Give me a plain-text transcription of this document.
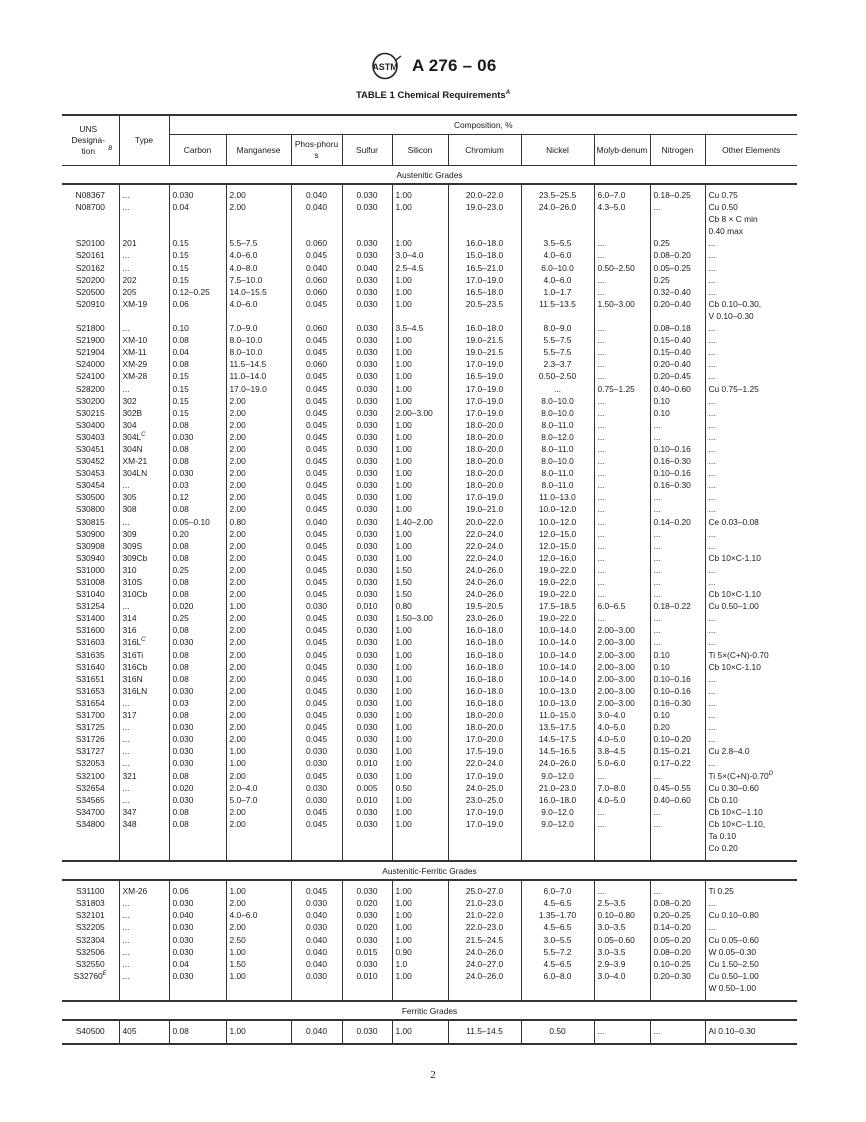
ASTM A 276 – 06
TABLE 1 Chemical Requirements$^A$
UNS Designa-tion $^B$	Type	Composition, %									
		Carbon	Manganese	Phos-phorus	Sulfur	Silicon	Chromium	Nickel	Molyb-denum	Nitrogen	Other Elements
Austenitic Grades											
N08367	...	0.030	2.00	0.040	0.030	1.00	20.0–22.0	23.5–25.5	6.0–7.0	0.18–0.25	Cu 0.75
N08700	...	0.04	2.00	0.040	0.030	1.00	19.0–23.0	24.0–26.0	4.3–5.0	...	Cu 0.50
Cb 8 × C min
0.40 max
S20100	201	0.15	5.5–7.5	0.060	0.030	1.00	16.0–18.0	3.5–5.5	...	0.25	...
S20161	...	0.15	4.0–6.0	0.045	0.030	3.0–4.0	15.0–18.0	4.0–6.0	...	0.08–0.20	...
S20162	...	0.15	4.0–8.0	0.040	0.040	2.5–4.5	16.5–21.0	6.0–10.0	0.50–2.50	0.05–0.25	...
S20200	202	0.15	7.5–10.0	0.060	0.030	1.00	17.0–19.0	4.0–6.0	...	0.25	...
S20500	205	0.12–0.25	14.0–15.5	0.060	0.030	1.00	16.5–18.0	1.0–1.7	...	0.32–0.40	...
S20910	XM-19	0.06	4.0–6.0	0.045	0.030	1.00	20.5–23.5	11.5–13.5	1.50–3.00	0.20–0.40	Cb 0.10–0.30,
V 0.10–0.30
S21800	...	0.10	7.0–9.0	0.060	0.030	3.5–4.5	16.0–18.0	8.0–9.0	...	0.08–0.18	...
S21900	XM-10	0.08	8.0–10.0	0.045	0.030	1.00	19.0–21.5	5.5–7.5	...	0.15–0.40	...
S21904	XM-11	0.04	8.0–10.0	0.045	0.030	1.00	19.0–21.5	5.5–7.5	...	0.15–0.40	...
S24000	XM-29	0.08	11.5–14.5	0.060	0.030	1.00	17.0–19.0	2.3–3.7	...	0.20–0.40	...
S24100	XM-28	0.15	11.0–14.0	0.045	0.030	1.00	16.5–19.0	0.50–2.50	...	0.20–0.45	...
S28200	...	0.15	17.0–19.0	0.045	0.030	1.00	17.0–19.0	...	0.75–1.25	0.40–0.60	Cu 0.75–1.25
S30200	302	0.15	2.00	0.045	0.030	1.00	17.0–19.0	8.0–10.0	...	0.10	...
S30215	302B	0.15	2.00	0.045	0.030	2.00–3.00	17.0–19.0	8.0–10.0	...	0.10	...
S30400	304	0.08	2.00	0.045	0.030	1.00	18.0–20.0	8.0–11.0	...	...	...
S30403	$304L^C$	0.030	2.00	0.045	0.030	1.00	18.0–20.0	8.0–12.0	...	...	...
S30451	304N	0.08	2.00	0.045	0.030	1.00	18.0–20.0	8.0–11.0	...	0.10–0.16	...
S30452	XM-21	0.08	2.00	0.045	0.030	1.00	18.0–20.0	8.0–10.0	...	0.16–0.30	...
S30453	304LN	0.030	2.00	0.045	0.030	1.00	18.0–20.0	8.0–11.0	...	0.10–0.16	...
S30454	...	0.03	2.00	0.045	0.030	1.00	18.0–20.0	8.0–11.0	...	0.16–0.30	...
S30500	305	0.12	2.00	0.045	0.030	1.00	17.0–19.0	11.0–13.0	...	...	...
S30800	308	0.08	2.00	0.045	0.030	1.00	19.0–21.0	10.0–12.0	...	...	...
S30815	...	0.05–0.10	0.80	0.040	0.030	1.40–2.00	20.0–22.0	10.0–12.0	...	0.14–0.20	Ce 0.03–0.08
S30900	309	0.20	2.00	0.045	0.030	1.00	22.0–24.0	12.0–15.0	...	...	...
S30908	309S	0.08	2.00	0.045	0.030	1.00	22.0–24.0	12.0–15.0	...	...	...
S30940	309Cb	0.08	2.00	0.045	0.030	1.00	22.0–24.0	12.0–16.0	...	...	Cb 10×C-1.10
S31000	310	0.25	2.00	0.045	0.030	1.50	24.0–26.0	19.0–22.0	...	...	...
S31008	310S	0.08	2.00	0.045	0.030	1.50	24.0–26.0	19.0–22.0	...	...	...
S31040	310Cb	0.08	2.00	0.045	0.030	1.50	24.0–26.0	19.0–22.0	...	...	Cb 10×C-1.10
S31254	...	0.020	1.00	0.030	0.010	0.80	19.5–20.5	17.5–18.5	6.0–6.5	0.18–0.22	Cu 0.50–1.00
S31400	314	0.25	2.00	0.045	0.030	1.50–3.00	23.0–26.0	19.0–22.0	...	...	...
S31600	316	0.08	2.00	0.045	0.030	1.00	16.0–18.0	10.0–14.0	2.00–3.00	...	...
S31603	$316L^C$	0.030	2.00	0.045	0.030	1.00	16.0–18.0	10.0–14.0	2.00–3.00	...	...
S31635	316Ti	0.08	2.00	0.045	0.030	1.00	16.0–18.0	10.0–14.0	2.00–3.00	0.10	Ti 5×(C+N)-0.70
S31640	316Cb	0.08	2.00	0.045	0.030	1.00	16.0–18.0	10.0–14.0	2.00–3.00	0.10	Cb 10×C-1.10
S31651	316N	0.08	2.00	0.045	0.030	1.00	16.0–18.0	10.0–14.0	2.00–3.00	0.10–0.16	...
S31653	316LN	0.030	2.00	0.045	0.030	1.00	16.0–18.0	10.0–13.0	2.00–3.00	0.10–0.16	...
S31654	...	0.03	2.00	0.045	0.030	1.00	16.0–18.0	10.0–13.0	2.00–3.00	0.16–0.30	...
S31700	317	0.08	2.00	0.045	0.030	1.00	18.0–20.0	11.0–15.0	3.0–4.0	0.10	...
S31725	...	0.030	2.00	0.045	0.030	1.00	18.0–20.0	13.5–17.5	4.0–5.0	0.20	...
S31726	...	0.030	2.00	0.045	0.030	1.00	17.0–20.0	14.5–17.5	4.0–5.0	0.10–0.20	...
S31727	...	0.030	1.00	0.030	0.030	1.00	17.5–19.0	14.5–16.5	3.8–4.5	0.15–0.21	Cu 2.8–4.0
S32053	...	0.030	1.00	0.030	0.010	1.00	22.0–24.0	24.0–26.0	5.0–6.0	0.17–0.22	...
S32100	321	0.08	2.00	0.045	0.030	1.00	17.0–19.0	9.0–12.0	...	...	Ti $5\times(C+N)-0.70^D$
S32654	...	0.020	2.0–4.0	0.030	0.005	0.50	24.0–25.0	21.0–23.0	7.0–8.0	0.45–0.55	Cu 0.30–0.60
S34565	...	0.030	5.0–7.0	0.030	0.010	1.00	23.0–25.0	16.0–18.0	4.0–5.0	0.40–0.60	Cb 0.10
S34700	347	0.08	2.00	0.045	0.030	1.00	17.0–19.0	9.0–12.0	...	...	Cb 10×C–1.10
S34800	348	0.08	2.00	0.045	0.030	1.00	17.0–19.0	9.0–12.0	...	...	Cb 10×C–1.10,
Ta 0.10
Co 0.20
Austenitic-Ferritic Grades											
S31100	XM-26	0.06	1.00	0.045	0.030	1.00	25.0–27.0	6.0–7.0	...	...	Ti 0.25
S31803	...	0.030	2.00	0.030	0.020	1.00	21.0–23.0	4.5–6.5	2.5–3.5	0.08–0.20	...
S32101	...	0.040	4.0–6.0	0.040	0.030	1.00	21.0–22.0	1.35–1.70	0.10–0.80	0.20–0.25	Cu 0.10–0.80
S32205	...	0.030	2.00	0.030	0.020	1.00	22.0–23.0	4.5–6.5	3.0–3.5	0.14–0.20	...
S32304	...	0.030	2.50	0.040	0.030	1.00	21.5–24.5	3.0–5.5	0.05–0.60	0.05–0.20	Cu 0.05–0.60
S32506	...	0.030	1.00	0.040	0.015	0.90	24.0–26.0	5.5–7.2	3.0–3.5	0.08–0.20	W 0.05–0.30
S32550	...	0.04	1.50	0.040	0.030	1.0	24.0–27.0	4.5–6.5	2.9–3.9	0.10–0.25	Cu 1.50–2.50
$S32760^E$	...	0.030	1.00	0.030	0.010	1.00	24.0–26.0	6.0–8.0	3.0–4.0	0.20–0.30	Cu 0.50–1.00
W 0.50–1.00
Ferritic Grades											
S40500	405	0.08	1.00	0.040	0.030	1.00	11.5–14.5	0.50	...	...	Al 0.10–0.30
2
